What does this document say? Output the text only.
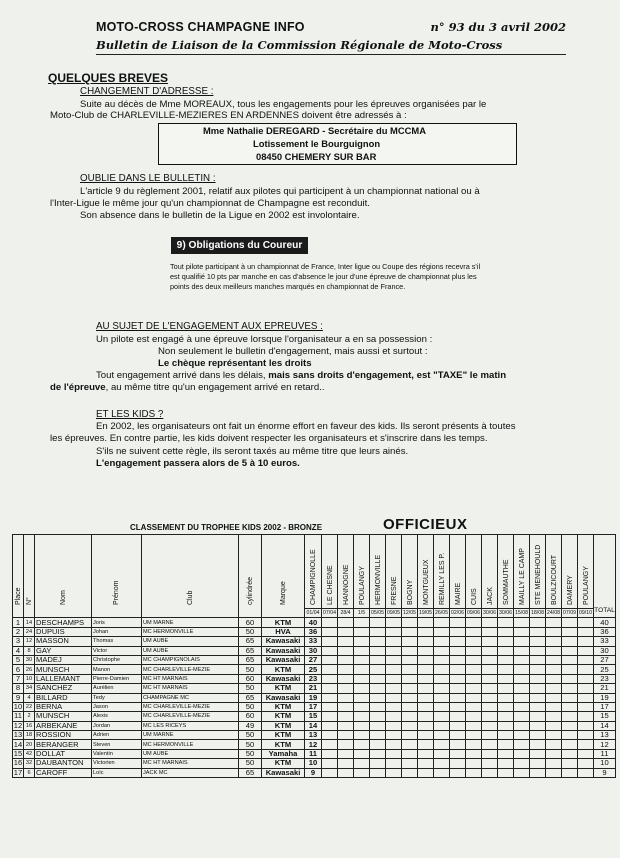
MOTO-CROSS CHAMPAGNE INFO	n° 93 du 3 avril 2002
Bulletin de Liaison de la Commission Régionale de Moto-Cross
QUELQUES BREVES
CHANGEMENT D'ADRESSE :
Suite au décès de Mme MOREAUX, tous les engagements pour les épreuves organisées par le
Moto-Club de CHARLEVILLE-MEZIERES EN ARDENNES doivent être adressés à :
Mme Nathalie DEREGARD - Secrétaire du MCCMA
Lotissement le Bourguignon
08450 CHEMERY SUR BAR
OUBLIE DANS LE BULLETIN :
L'article 9 du règlement 2001, relatif aux pilotes qui participent à un championnat national ou à
l'Inter-Ligue le même jour qu'un championnat de Champagne est reconduit.
Son absence dans le bulletin de la Ligue en 2002 est involontaire.
9) Obligations du Coureur
Tout pilote participant à un championnat de France, Inter ligue ou Coupe des régions recevra s'il
est qualifié 10 pts par manche en cas d'absence le jour d'une épreuve de championnat plus les
points des deux meilleurs manches marqués en championnat de France.
AU SUJET DE L'ENGAGEMENT AUX EPREUVES :
Un pilote est engagé à une épreuve lorsque l'organisateur a en sa possession :
Non seulement le bulletin d'engagement, mais aussi et surtout :
Le chèque représentant les droits
Tout engagement arrivé dans les délais, mais sans droits d'engagement, est "TAXE" le matin
de l'épreuve, au même titre qu'un engagement arrivé en retard..
ET LES KIDS ?
En 2002, les organisateurs ont fait un énorme effort en faveur des kids. Ils seront présents à toutes
les épreuves. En contre partie, les kids doivent respecter les organisateurs et s'inscrire dans les temps.
S'ils ne suivent cette règle, ils seront taxés au même titre que leurs ainés.
L'engagement passera alors de 5 à 10 euros.
CLASSEMENT DU TROPHEE KIDS 2002 - BRONZE	OFFICIEUX
Place	N°	Nom	Prénom	Club	cylindrée	Marque	CHAMPIGNOLLE	LE CHESNE	HANNOGNE	POULANGY	HERMONVILLE	FRESNE	BOGNY	MONTGUEUX	REMILLY LES P.	MAIRE	CUIS	JACK	SOMMAUTHE	MAILLY LE CAMP	STE MENEHOULD	BOULZICOURT	DAMERY	POULANGY	TOTAL

							01/04	07/04	28/4	1/5	05/05	09/05	12/05	19/05	26/05	02/06	09/06	30/06	30/06	15/08	18/08	24/08	07/09	09/10	
1	14	DESCHAMPS	Joris	UM MARNE	60	KTM	40																		40
2	24	DUPUIS	Johan	MC HERMONVILLE	50	HVA	36																		36
3	12	MASSON	Thomas	UM AUBE	65	Kawasaki	33																		33
4	8	GAY	Victor	UM AUBE	65	Kawasaki	30																		30
5	30	MADEJ	Christophe	MC CHAMPIGNOLAIS	65	Kawasaki	27																		27
6	26	MUNSCH	Manon	MC CHARLEVILLE-MEZIE	50	KTM	25																		25
7	10	LALLEMANT	Pierre-Damien	MC HT MARNAIS	60	Kawasaki	23																		23
8	34	SANCHEZ	Aurélien	MC HT MARNAIS	50	KTM	21																		21
9	4	BILLARD	Tedy	CHAMPAGNE MC	65	Kawasaki	19																		19
10	22	BERNA	Jason	MC CHARLEVILLE-MEZIE	50	KTM	17																		17
11	2	MUNSCH	Alexis	MC CHARLEVILLE-MEZIE	60	KTM	15																		15
12	16	ARBEKANE	Jordan	MC LES RICEYS	49	KTM	14																		14
13	18	ROSSION	Adrien	UM MARNE	50	KTM	13																		13
14	20	BERANGER	Steven	MC HERMONVILLE	50	KTM	12																		12
15	42	DOLLAT	Valentin	UM AUBE	50	Yamaha	11																		11
16	32	DAUBANTON	Victorien	MC HT MARNAIS	50	KTM	10																		10
17	6	CAROFF	Loïc	JACK MC	65	Kawasaki	9																		9
